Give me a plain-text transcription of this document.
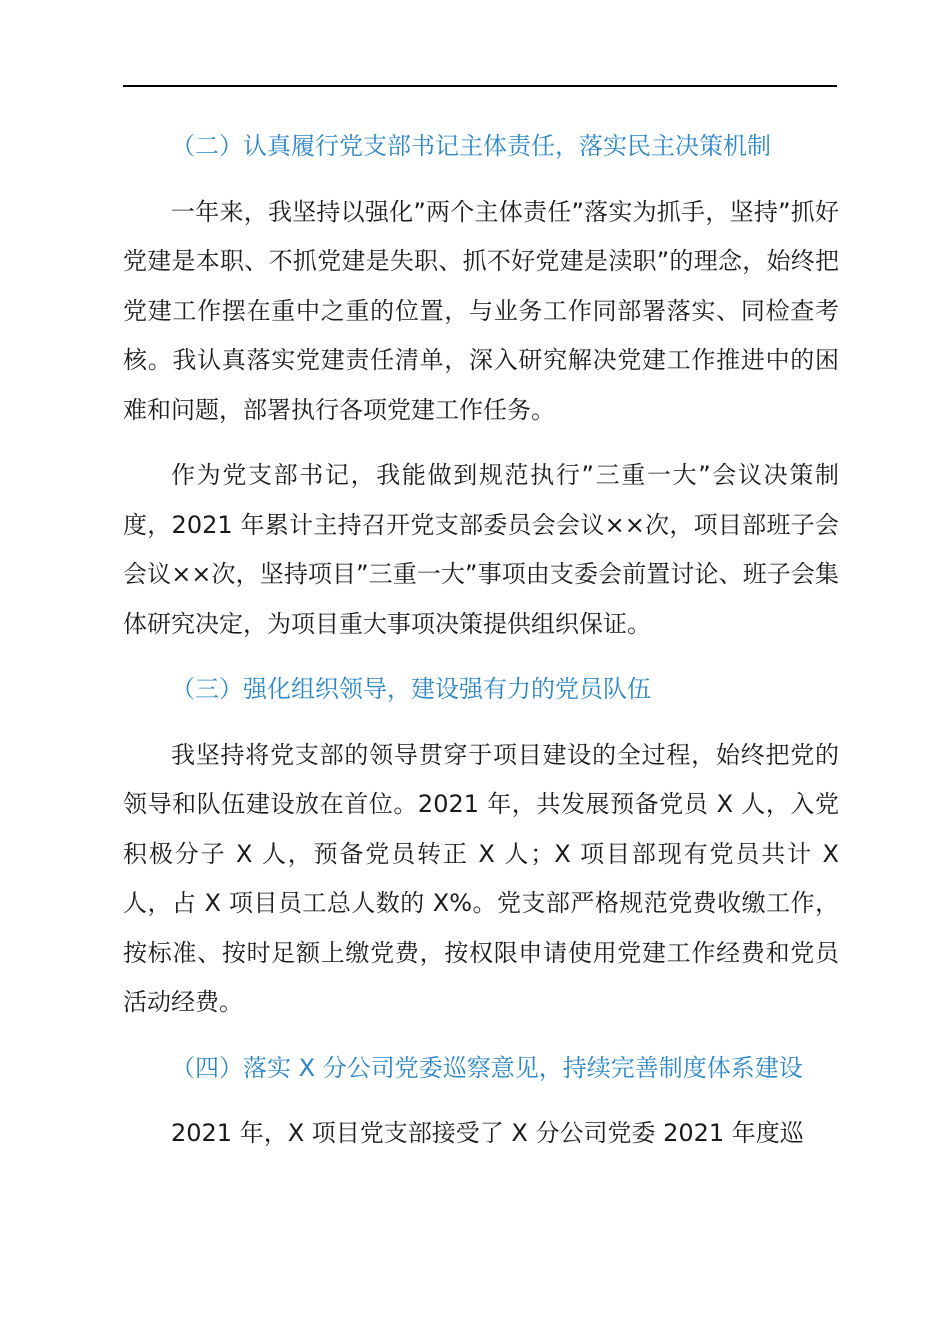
（二）认真履行党支部书记主体责任，落实民主决策机制

一年来，我坚持以强化”两个主体责任”落实为抓手，坚持”抓好党建是本职、不抓党建是失职、抓不好党建是渎职”的理念，始终把党建工作摆在重中之重的位置，与业务工作同部署落实、同检查考核。我认真落实党建责任清单，深入研究解决党建工作推进中的困难和问题，部署执行各项党建工作任务。

作为党支部书记，我能做到规范执行”三重一大”会议决策制度，2021 年累计主持召开党支部委员会会议××次，项目部班子会会议××次，坚持项目”三重一大”事项由支委会前置讨论、班子会集体研究决定，为项目重大事项决策提供组织保证。

（三）强化组织领导，建设强有力的党员队伍

我坚持将党支部的领导贯穿于项目建设的全过程，始终把党的领导和队伍建设放在首位。2021 年，共发展预备党员 X 人，入党积极分子 X 人，预备党员转正 X 人；X 项目部现有党员共计 X 人，占 X 项目员工总人数的 X%。党支部严格规范党费收缴工作，按标准、按时足额上缴党费，按权限申请使用党建工作经费和党员活动经费。

（四）落实 X 分公司党委巡察意见，持续完善制度体系建设

2021 年，X 项目党支部接受了 X 分公司党委 2021 年度巡
